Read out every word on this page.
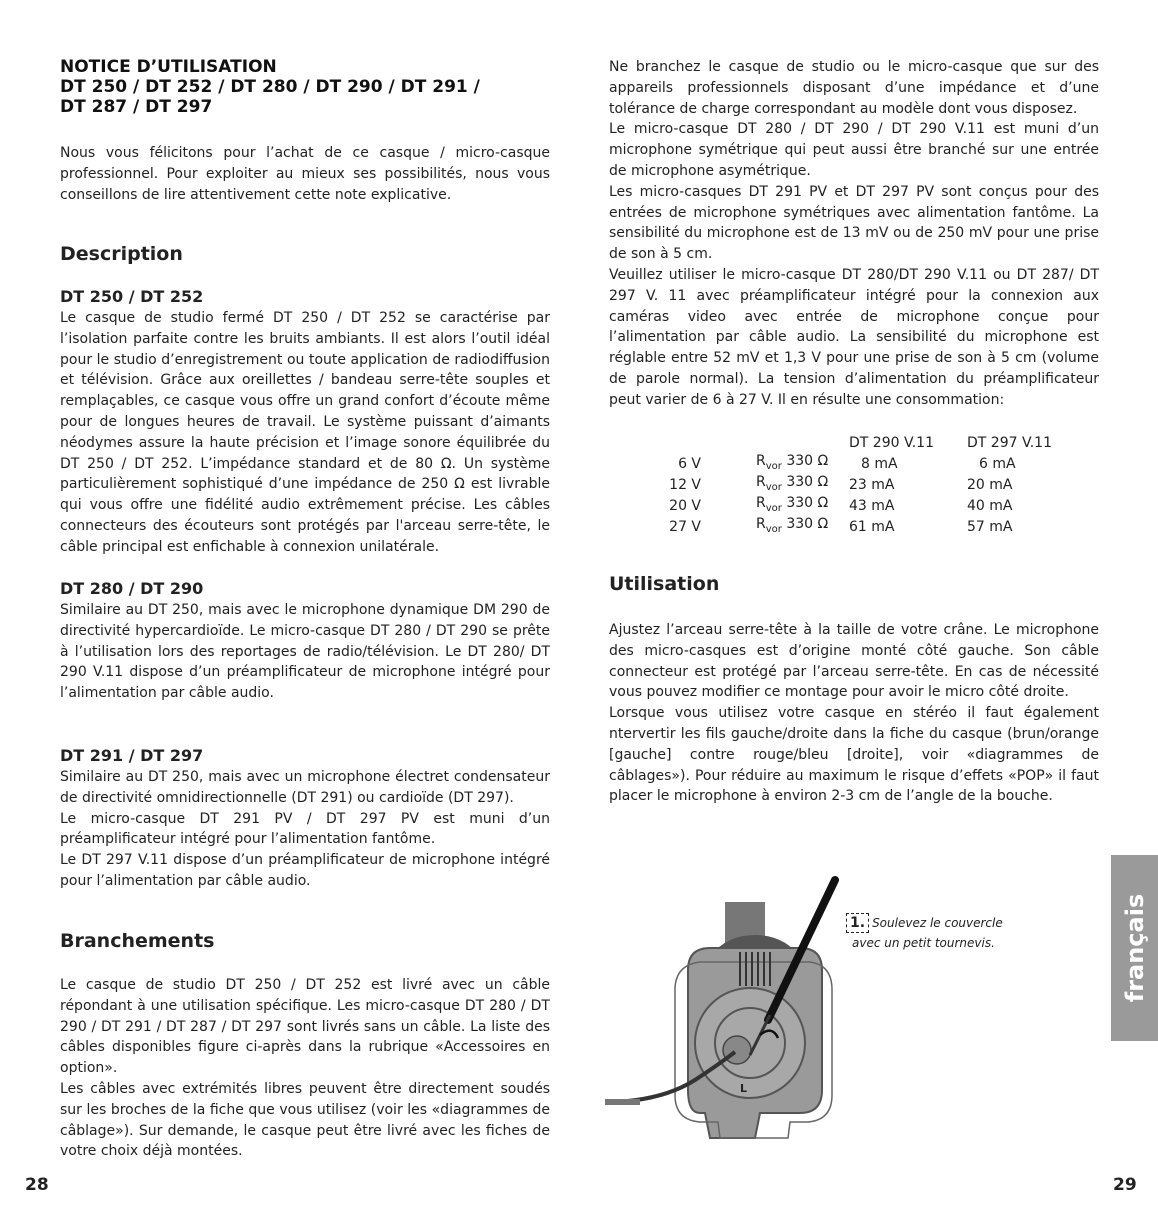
NOTICE D’UTILISATION
DT 250 / DT 252 / DT 280 / DT 290 / DT 291 /
DT 287 / DT 297

Nous vous félicitons pour l’achat de ce casque / micro-casque professionnel. Pour exploiter au mieux ses possibilités, nous vous conseillons de lire attentivement cette note explicative.

Description
DT 250 / DT 252

Le casque de studio fermé DT 250 / DT 252 se caractérise par l’isolation parfaite contre les bruits ambiants. Il est alors l’outil idéal pour le studio d’enregistrement ou toute application de radiodiffusion et télévision. Grâce aux oreillettes / bandeau serre-tête souples et remplaçables, ce casque vous offre un grand confort d’écoute même pour de longues heures de travail. Le système puissant d’aimants néodymes assure la haute précision et l’image sonore équilibrée du DT 250 / DT 252. L’impédance standard et de 80 Ω. Un système particulièrement sophistiqué d’une impédance de 250 Ω est livrable qui vous offre une fidélité audio extrêmement précise. Les câbles connecteurs des écouteurs sont protégés par l'arceau serre-tête, le câble principal est enfichable à connexion unilatérale.

DT 280 / DT 290

Similaire au DT 250, mais avec le microphone dynamique DM 290 de directivité hypercardioïde. Le micro-casque DT 280 / DT 290 se prête à l’utilisation lors des reportages de radio/télévision. Le DT 280/ DT 290 V.11 dispose d’un préamplificateur de microphone intégré pour l’alimentation par câble audio.

DT 291 / DT 297

Similaire au DT 250, mais avec un microphone électret condensateur de directivité omnidirectionnelle (DT 291) ou cardioïde (DT 297).

Le micro-casque DT 291 PV / DT 297 PV est muni d’un préamplificateur intégré pour l’alimentation fantôme.

Le DT 297 V.11 dispose d’un préamplificateur de microphone intégré pour l’alimentation par câble audio.

Branchements

Le casque de studio DT 250 / DT 252 est livré avec un câble répondant à une utilisation spécifique. Les micro-casque DT 280 / DT 290 / DT 291 / DT 287 / DT 297 sont livrés sans un câble. La liste des câbles disponibles figure ci-après dans la rubrique «Accessoires en option».

Les câbles avec extrémités libres peuvent être directement soudés sur les broches de la fiche que vous utilisez (voir les «diagrammes de câblage»). Sur demande, le casque peut être livré avec les fiches de votre choix déjà montées.

28

Ne branchez le casque de studio ou le micro-casque que sur des appareils professionnels disposant d’une impédance et d’une tolérance de charge correspondant au modèle dont vous disposez.

Le micro-casque DT 280 / DT 290 / DT 290 V.11 est muni d’un microphone symétrique qui peut aussi être branché sur une entrée de microphone asymétrique.

Les micro-casques DT 291 PV et DT 297 PV sont conçus pour des entrées de microphone symétriques avec alimentation fantôme. La sensibilité du microphone est de 13 mV ou de 250 mV pour une prise de son à 5 cm.

Veuillez utiliser le micro-casque DT 280/DT 290 V.11 ou DT 287/ DT 297 V. 11 avec préamplificateur intégré pour la connexion aux caméras video avec entrée de microphone conçue pour l’alimentation par câble audio. La sensibilité du microphone est réglable entre 52 mV et 1,3 V pour une prise de son à 5 cm (volume de parole normal). La tension d’alimentation du préamplificateur peut varier de 6 à 27 V. Il en résulte une consommation:

		DT 290 V.11	DT 297 V.11
6 V	$R_{vor}$ 330 Ω	8 mA	6 mA
12 V	$R_{vor}$ 330 Ω	23 mA	20 mA
20 V	$R_{vor}$ 330 Ω	43 mA	40 mA
27 V	$R_{vor}$ 330 Ω	61 mA	57 mA
Utilisation

Ajustez l’arceau serre-tête à la taille de votre crâne. Le microphone des micro-casques est d’origine monté côté gauche. Son câble connecteur est protégé par l’arceau serre-tête. En cas de nécessité vous pouvez modifier ce montage pour avoir le micro côté droite.

Lorsque vous utilisez votre casque en stéréo il faut également ntervertir les fils gauche/droite dans la fiche du casque (brun/orange [gauche] contre rouge/bleu [droite], voir «diagrammes de câblages»). Pour réduire au maximum le risque d’effets «POP» il faut placer le microphone à environ 2-3 cm de l’angle de la bouche.

L
1. Soulevez le couvercle
avec un petit tournevis.	français
29
